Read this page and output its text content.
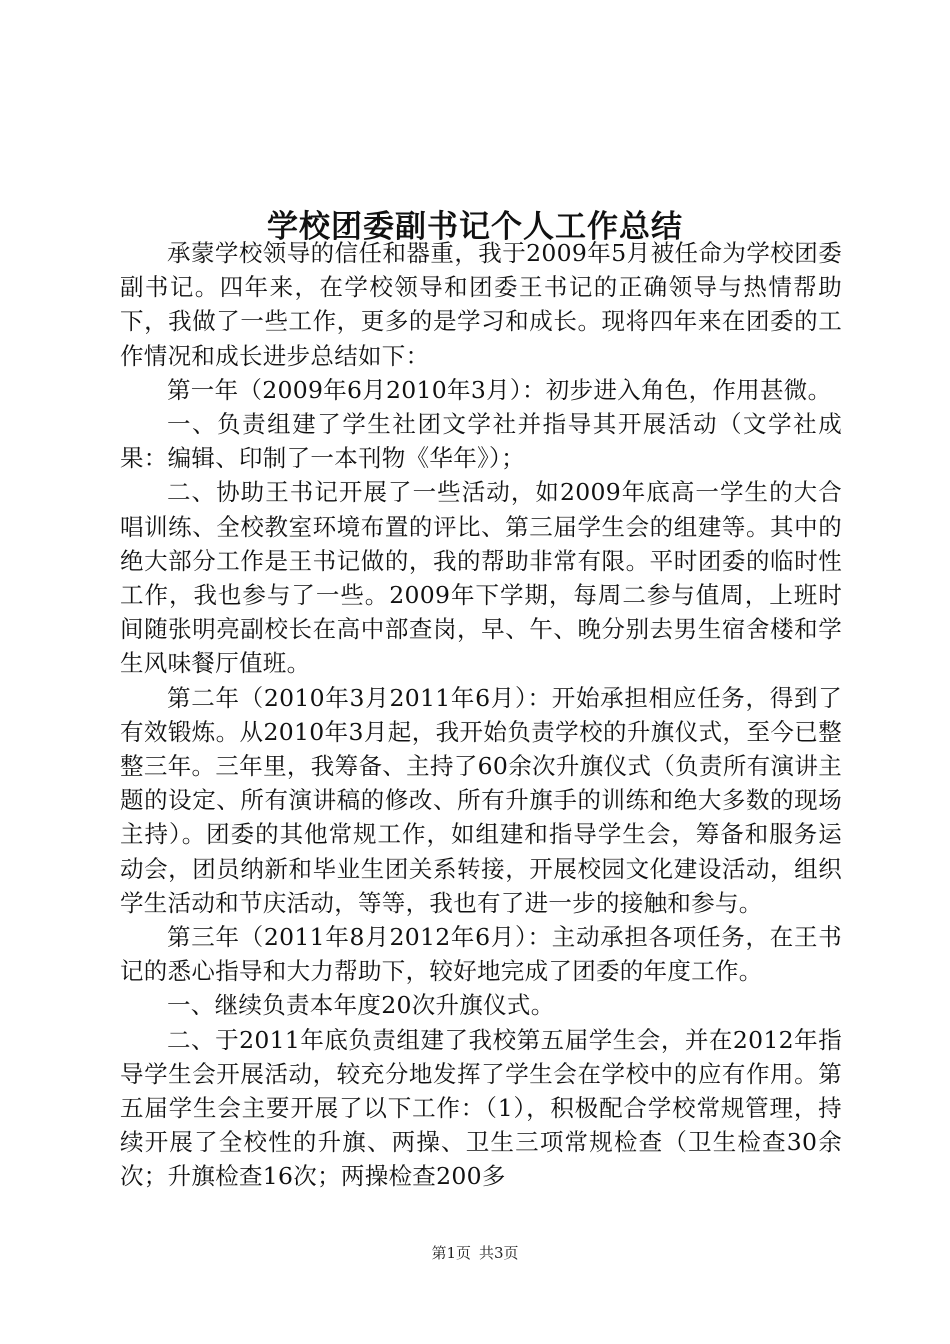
学校团委副书记个人工作总结

承蒙学校领导的信任和器重，我于2009年5月被任命为学校团委副书记。四年来，在学校领导和团委王书记的正确领导与热情帮助下，我做了一些工作，更多的是学习和成长。现将四年来在团委的工作情况和成长进步总结如下：

第一年（2009年6月2010年3月）：初步进入角色，作用甚微。

一、负责组建了学生社团文学社并指导其开展活动（文学社成果：编辑、印制了一本刊物《华年》）；

二、协助王书记开展了一些活动，如2009年底高一学生的大合唱训练、全校教室环境布置的评比、第三届学生会的组建等。其中的绝大部分工作是王书记做的，我的帮助非常有限。平时团委的临时性工作，我也参与了一些。2009年下学期，每周二参与值周，上班时间随张明亮副校长在高中部查岗，早、午、晚分别去男生宿舍楼和学生风味餐厅值班。

第二年（2010年3月2011年6月）：开始承担相应任务，得到了有效锻炼。从2010年3月起，我开始负责学校的升旗仪式，至今已整整三年。三年里，我筹备、主持了60余次升旗仪式（负责所有演讲主题的设定、所有演讲稿的修改、所有升旗手的训练和绝大多数的现场主持）。团委的其他常规工作，如组建和指导学生会，筹备和服务运动会，团员纳新和毕业生团关系转接，开展校园文化建设活动，组织学生活动和节庆活动，等等，我也有了进一步的接触和参与。

第三年（2011年8月2012年6月）：主动承担各项任务，在王书记的悉心指导和大力帮助下，较好地完成了团委的年度工作。

一、继续负责本年度20次升旗仪式。

二、于2011年底负责组建了我校第五届学生会，并在2012年指导学生会开展活动，较充分地发挥了学生会在学校中的应有作用。第五届学生会主要开展了以下工作：（1），积极配合学校常规管理，持续开展了全校性的升旗、两操、卫生三项常规检查（卫生检查30余次；升旗检查16次；两操检查200多

第1页 共3页
